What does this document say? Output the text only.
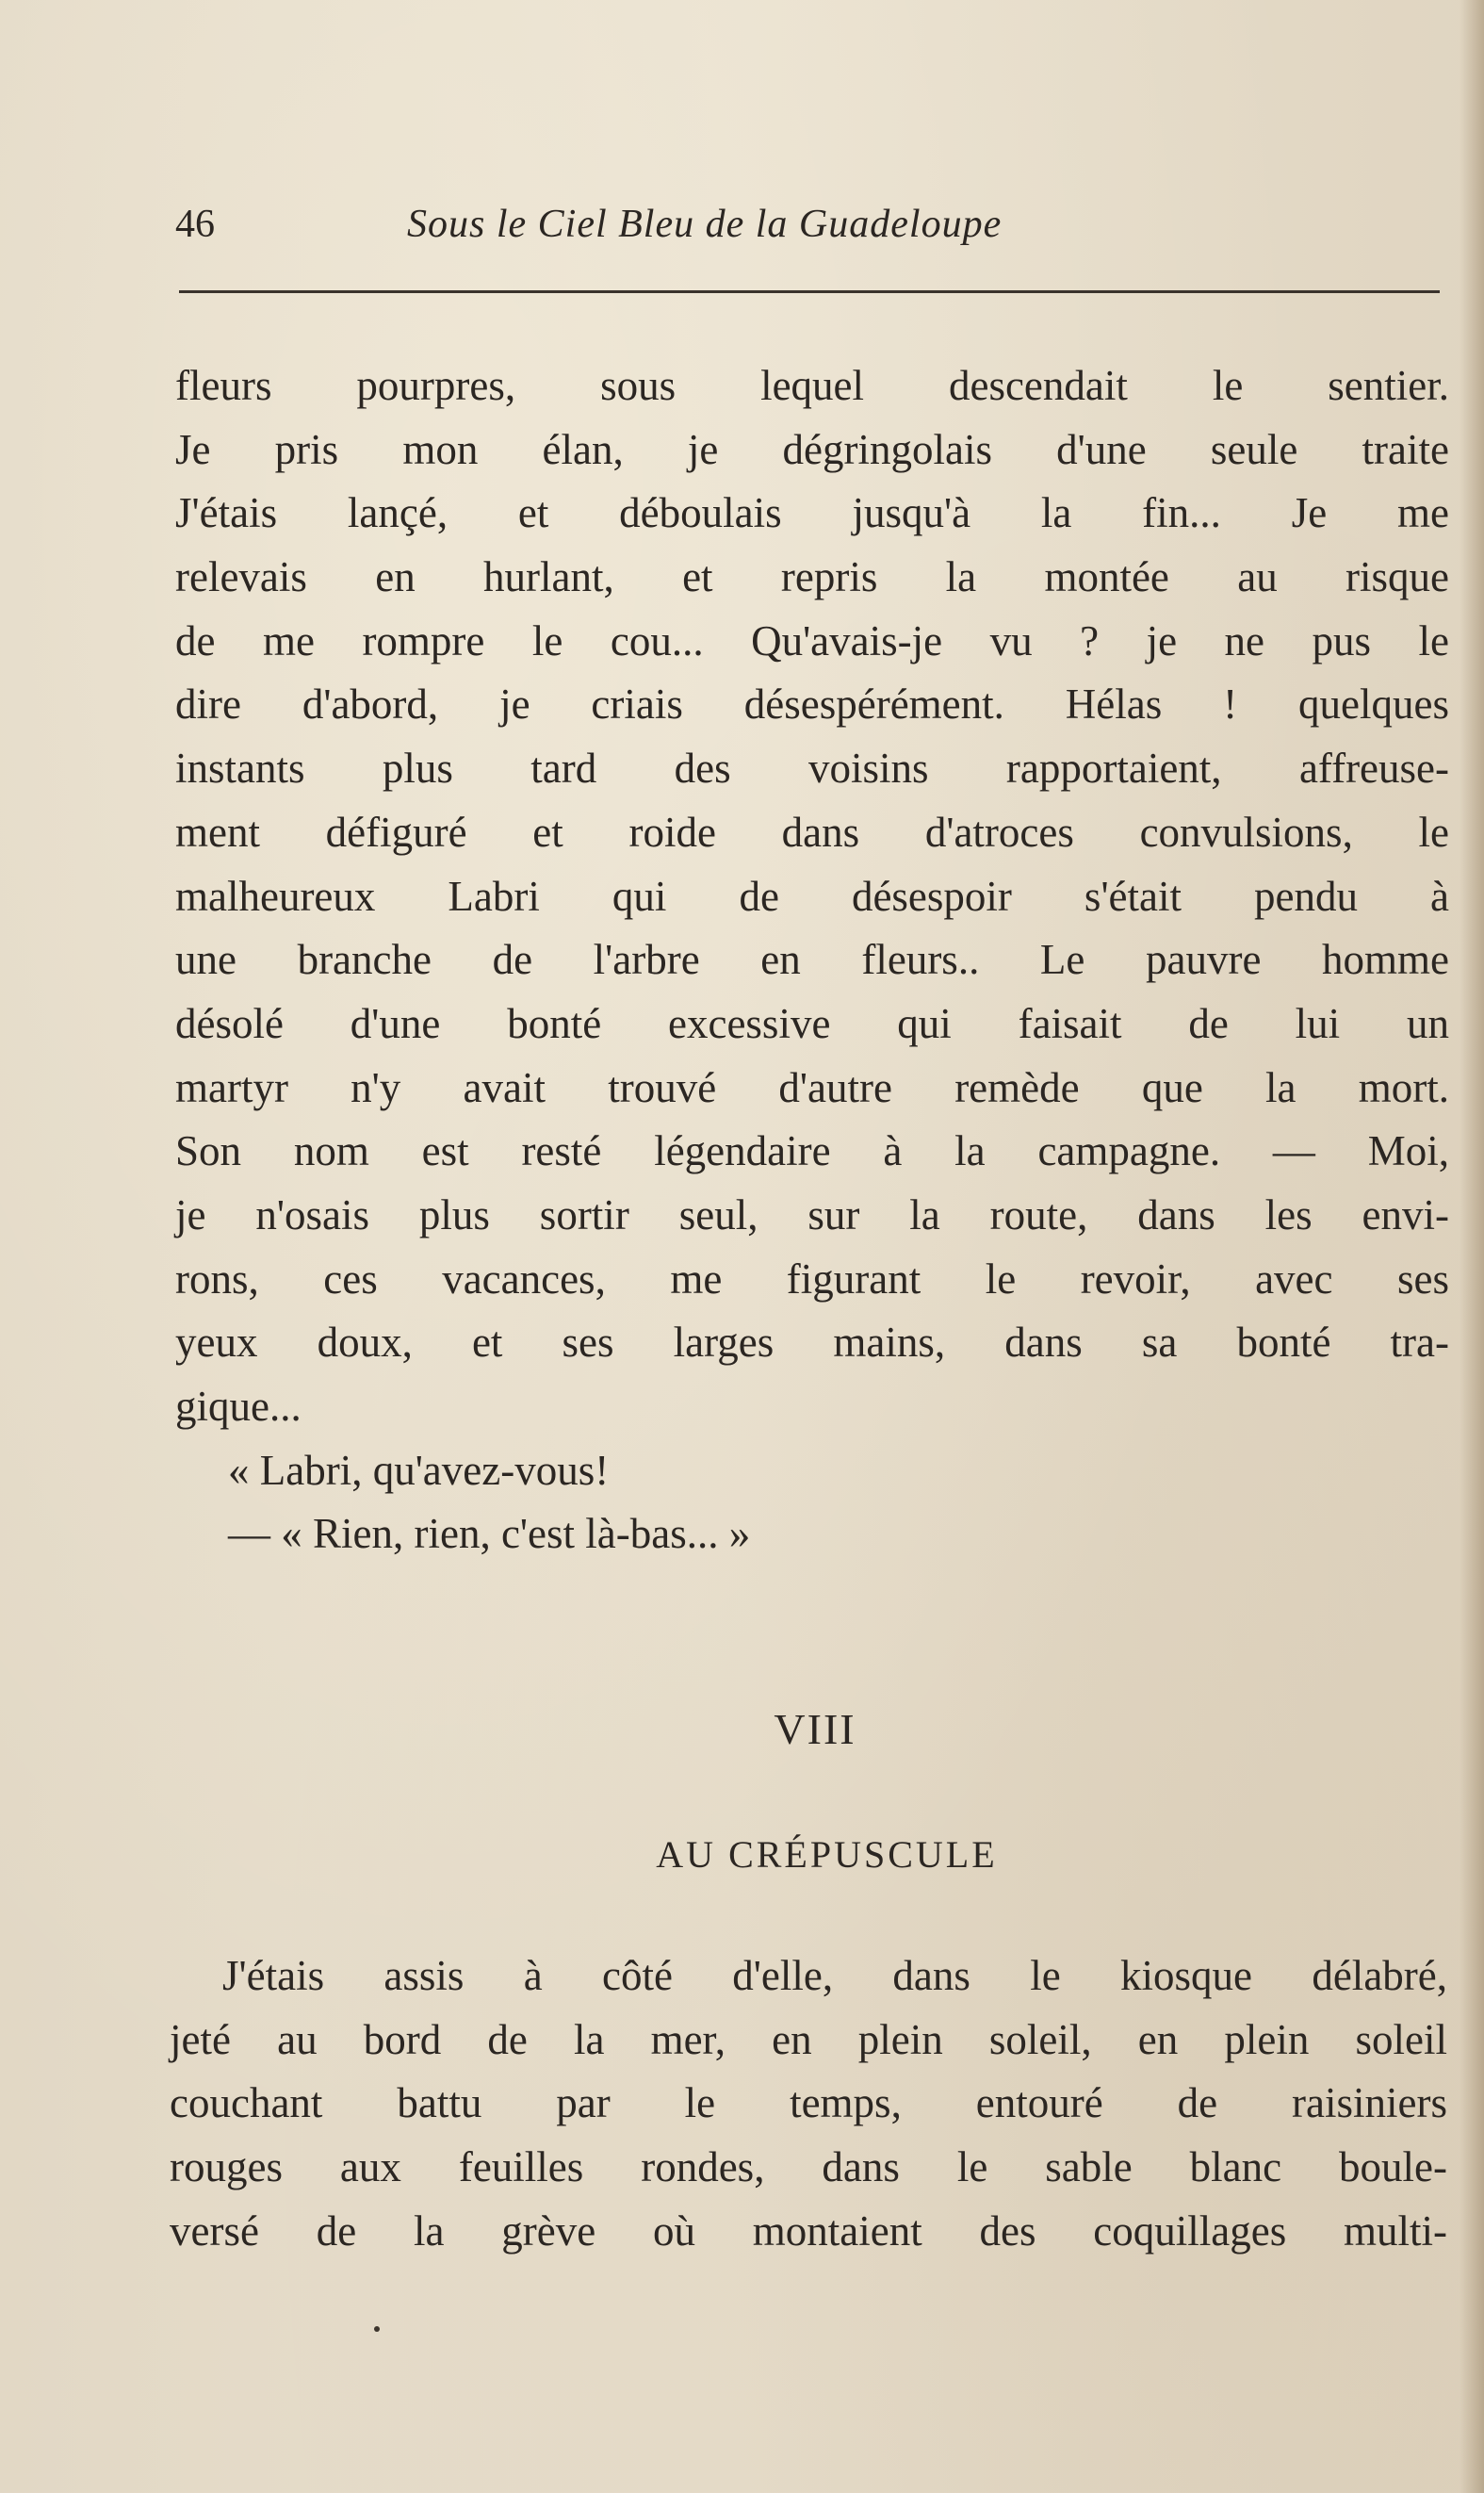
46	Sous le Ciel Bleu de la Guadeloupe
fleurs pourpres, sous lequel descendait le sentier.
Je pris mon élan, je dégringolais d'une seule traite
J'étais lançé, et déboulais jusqu'à la fin... Je me
relevais en hurlant, et repris la montée au risque
de me rompre le cou... Qu'avais-je vu ? je ne pus le
dire d'abord, je criais désespérément. Hélas ! quelques
instants plus tard des voisins rapportaient, affreuse-
ment défiguré et roide dans d'atroces convulsions, le
malheureux Labri qui de désespoir s'était pendu à
une branche de l'arbre en fleurs.. Le pauvre homme
désolé d'une bonté excessive qui faisait de lui un
martyr n'y avait trouvé d'autre remède que la mort.
Son nom est resté légendaire à la campagne. — Moi,
je n'osais plus sortir seul, sur la route, dans les envi-
rons, ces vacances, me figurant le revoir, avec ses
yeux doux, et ses larges mains, dans sa bonté tra-
gique...
« Labri, qu'avez-vous!
— « Rien, rien, c'est là-bas... »
VIII
AU CRÉPUSCULE
J'étais assis à côté d'elle, dans le kiosque délabré,
jeté au bord de la mer, en plein soleil, en plein soleil
couchant battu par le temps, entouré de raisiniers
rouges aux feuilles rondes, dans le sable blanc boule-
versé de la grève où montaient des coquillages multi-
